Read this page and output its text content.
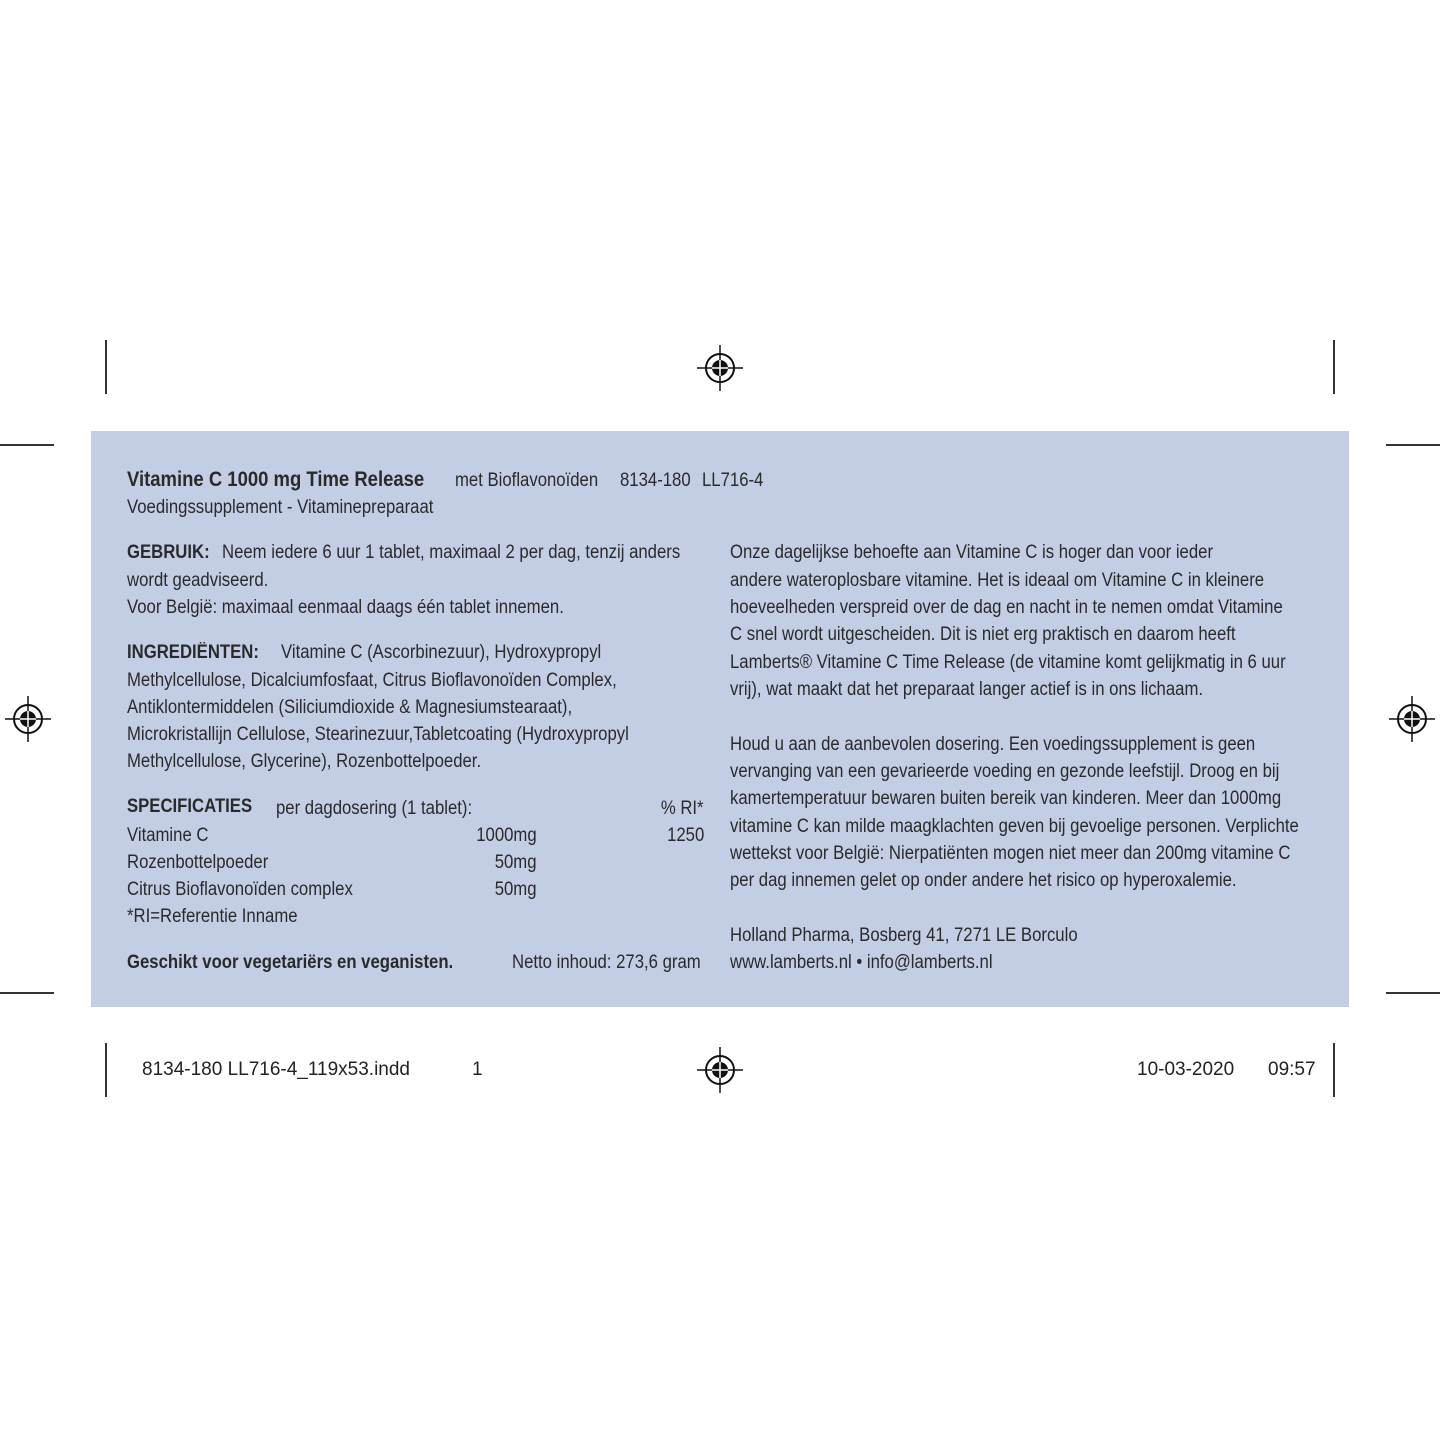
Vitamine C 1000 mg Time Release met Bioflavonoïden 8134-180 LL716-4
Voedingssupplement - Vitaminepreparaat
GEBRUIK: Neem iedere 6 uur 1 tablet, maximaal 2 per dag, tenzij anders
wordt geadviseerd.
Voor België: maximaal eenmaal daags één tablet innemen.
INGREDIËNTEN: Vitamine C (Ascorbinezuur), Hydroxypropyl
Methylcellulose, Dicalciumfosfaat, Citrus Bioflavonoïden Complex,
Antiklontermiddelen (Siliciumdioxide & Magnesiumstearaat),
Microkristallijn Cellulose, Stearinezuur,Tabletcoating (Hydroxypropyl
Methylcellulose, Glycerine), Rozenbottelpoeder.
SPECIFICATIES per dagdosering (1 tablet):	% RI*
Vitamine C	1000mg	1250
Rozenbottelpoeder	50mg
Citrus Bioflavonoïden complex	50mg
*RI=Referentie Inname
Geschikt voor vegetariërs en veganisten.	Netto inhoud: 273,6 gram
Onze dagelijkse behoefte aan Vitamine C is hoger dan voor ieder
andere wateroplosbare vitamine. Het is ideaal om Vitamine C in kleinere
hoeveelheden verspreid over de dag en nacht in te nemen omdat Vitamine
C snel wordt uitgescheiden. Dit is niet erg praktisch en daarom heeft
Lamberts® Vitamine C Time Release (de vitamine komt gelijkmatig in 6 uur
vrij), wat maakt dat het preparaat langer actief is in ons lichaam.
Houd u aan de aanbevolen dosering. Een voedingssupplement is geen
vervanging van een gevarieerde voeding en gezonde leefstijl. Droog en bij
kamertemperatuur bewaren buiten bereik van kinderen. Meer dan 1000mg
vitamine C kan milde maagklachten geven bij gevoelige personen. Verplichte
wettekst voor België: Nierpatiënten mogen niet meer dan 200mg vitamine C
per dag innemen gelet op onder andere het risico op hyperoxalemie.
Holland Pharma, Bosberg 41, 7271 LE Borculo
www.lamberts.nl • info@lamberts.nl
8134-180 LL716-4_119x53.indd	1	10-03-2020 09:57
